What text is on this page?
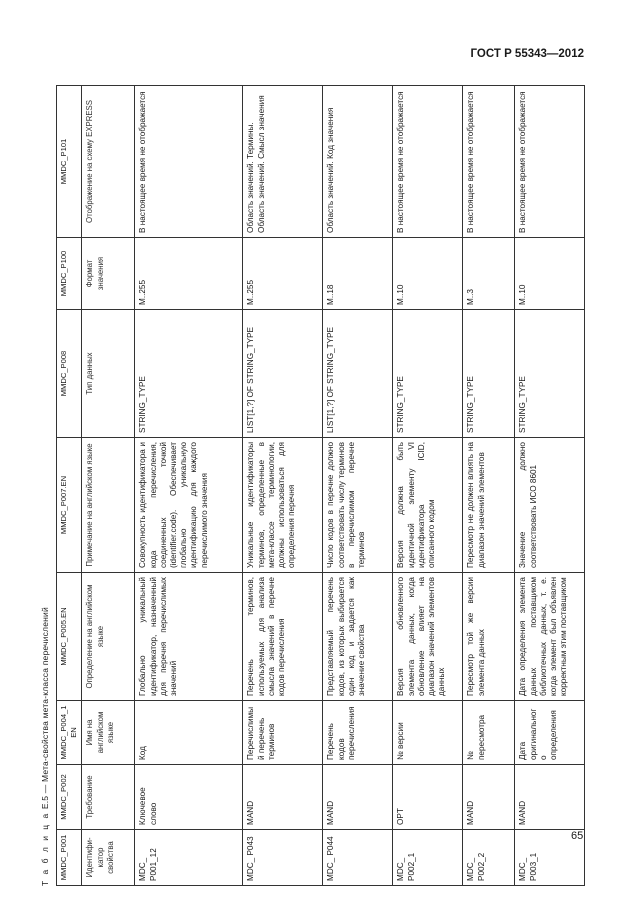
ГОСТ Р 55343—2012
Т а б л и ц а Е.5 — Мета-свойства мета-класса перечислений
MMDC_P001	MMDC_P002	MMDC_P004_1EN	MMDC_P005.EN	MMDC_P007.EN	MMDC_P008	MMDC_P100	MMDC_P101
Идентифи-катор свойства	Требование	Имя на английском языке	Определение на английском языке	Примечание на английском языке	Тип данных	Формат значения	Отображение на схему EXPRESS
MDC_ P001_12	Ключевое слово	Код	Глобально уникальный идентификатор, назначенный для перечня перечислимых значений	Совокупность идентификатора и кода перечисления, соединенных точкой (identifier.code). Обеспечивает глобально уникальную идентификацию для каждого перечислимого значения	STRING_TYPE	M..255	В настоящее время не отображается
MDC_ P043	MAND	Перечислимый перечень терминов	Перечень терминов, используемых для анализа смысла значений в перечне кодов перечисления	Уникальные идентификаторы терминов, определенные в мета-классе терминологии, должны использоваться для определения перечня	LIST[1,?] OF STRING_TYPE	M..255	Область значений. Термины. Область значений. Смысл значения
MDC_ P044	MAND	Перечень кодов перечисления	Представляемый перечень кодов, из которых выбирается один код и задается как значение свойства	Число кодов в перечне должно соответствовать числу терминов в перечислимом перечне терминов	LIST[1,?] OF STRING_TYPE	M..18	Область значений. Код значения
MDC_ P002_1	OPT	№ версии	Версия обновленного элемента данных, когда обновление влияет на диапазон значений элементов данных	Версия должна быть идентичной элементу VI идентификатора ICID, описанного кодом	STRING_TYPE	M..10	В настоящее время не отображается
MDC_ P002_2	MAND	№ пересмотра	Пересмотр той же версии элемента данных	Пересмотр не должен влиять на диапазон значений элементов	STRING_TYPE	M..3	В настоящее время не отображается
MDC_ P003_1	MAND	Дата оригинального определения	Дата определения элемента данных поставщиком библиотечных данных, т. е. когда элемент был объявлен корректным этим поставщиком	Значение должно соответствовать ИСО 8601	STRING_TYPE	M..10	В настоящее время не отображается
65
